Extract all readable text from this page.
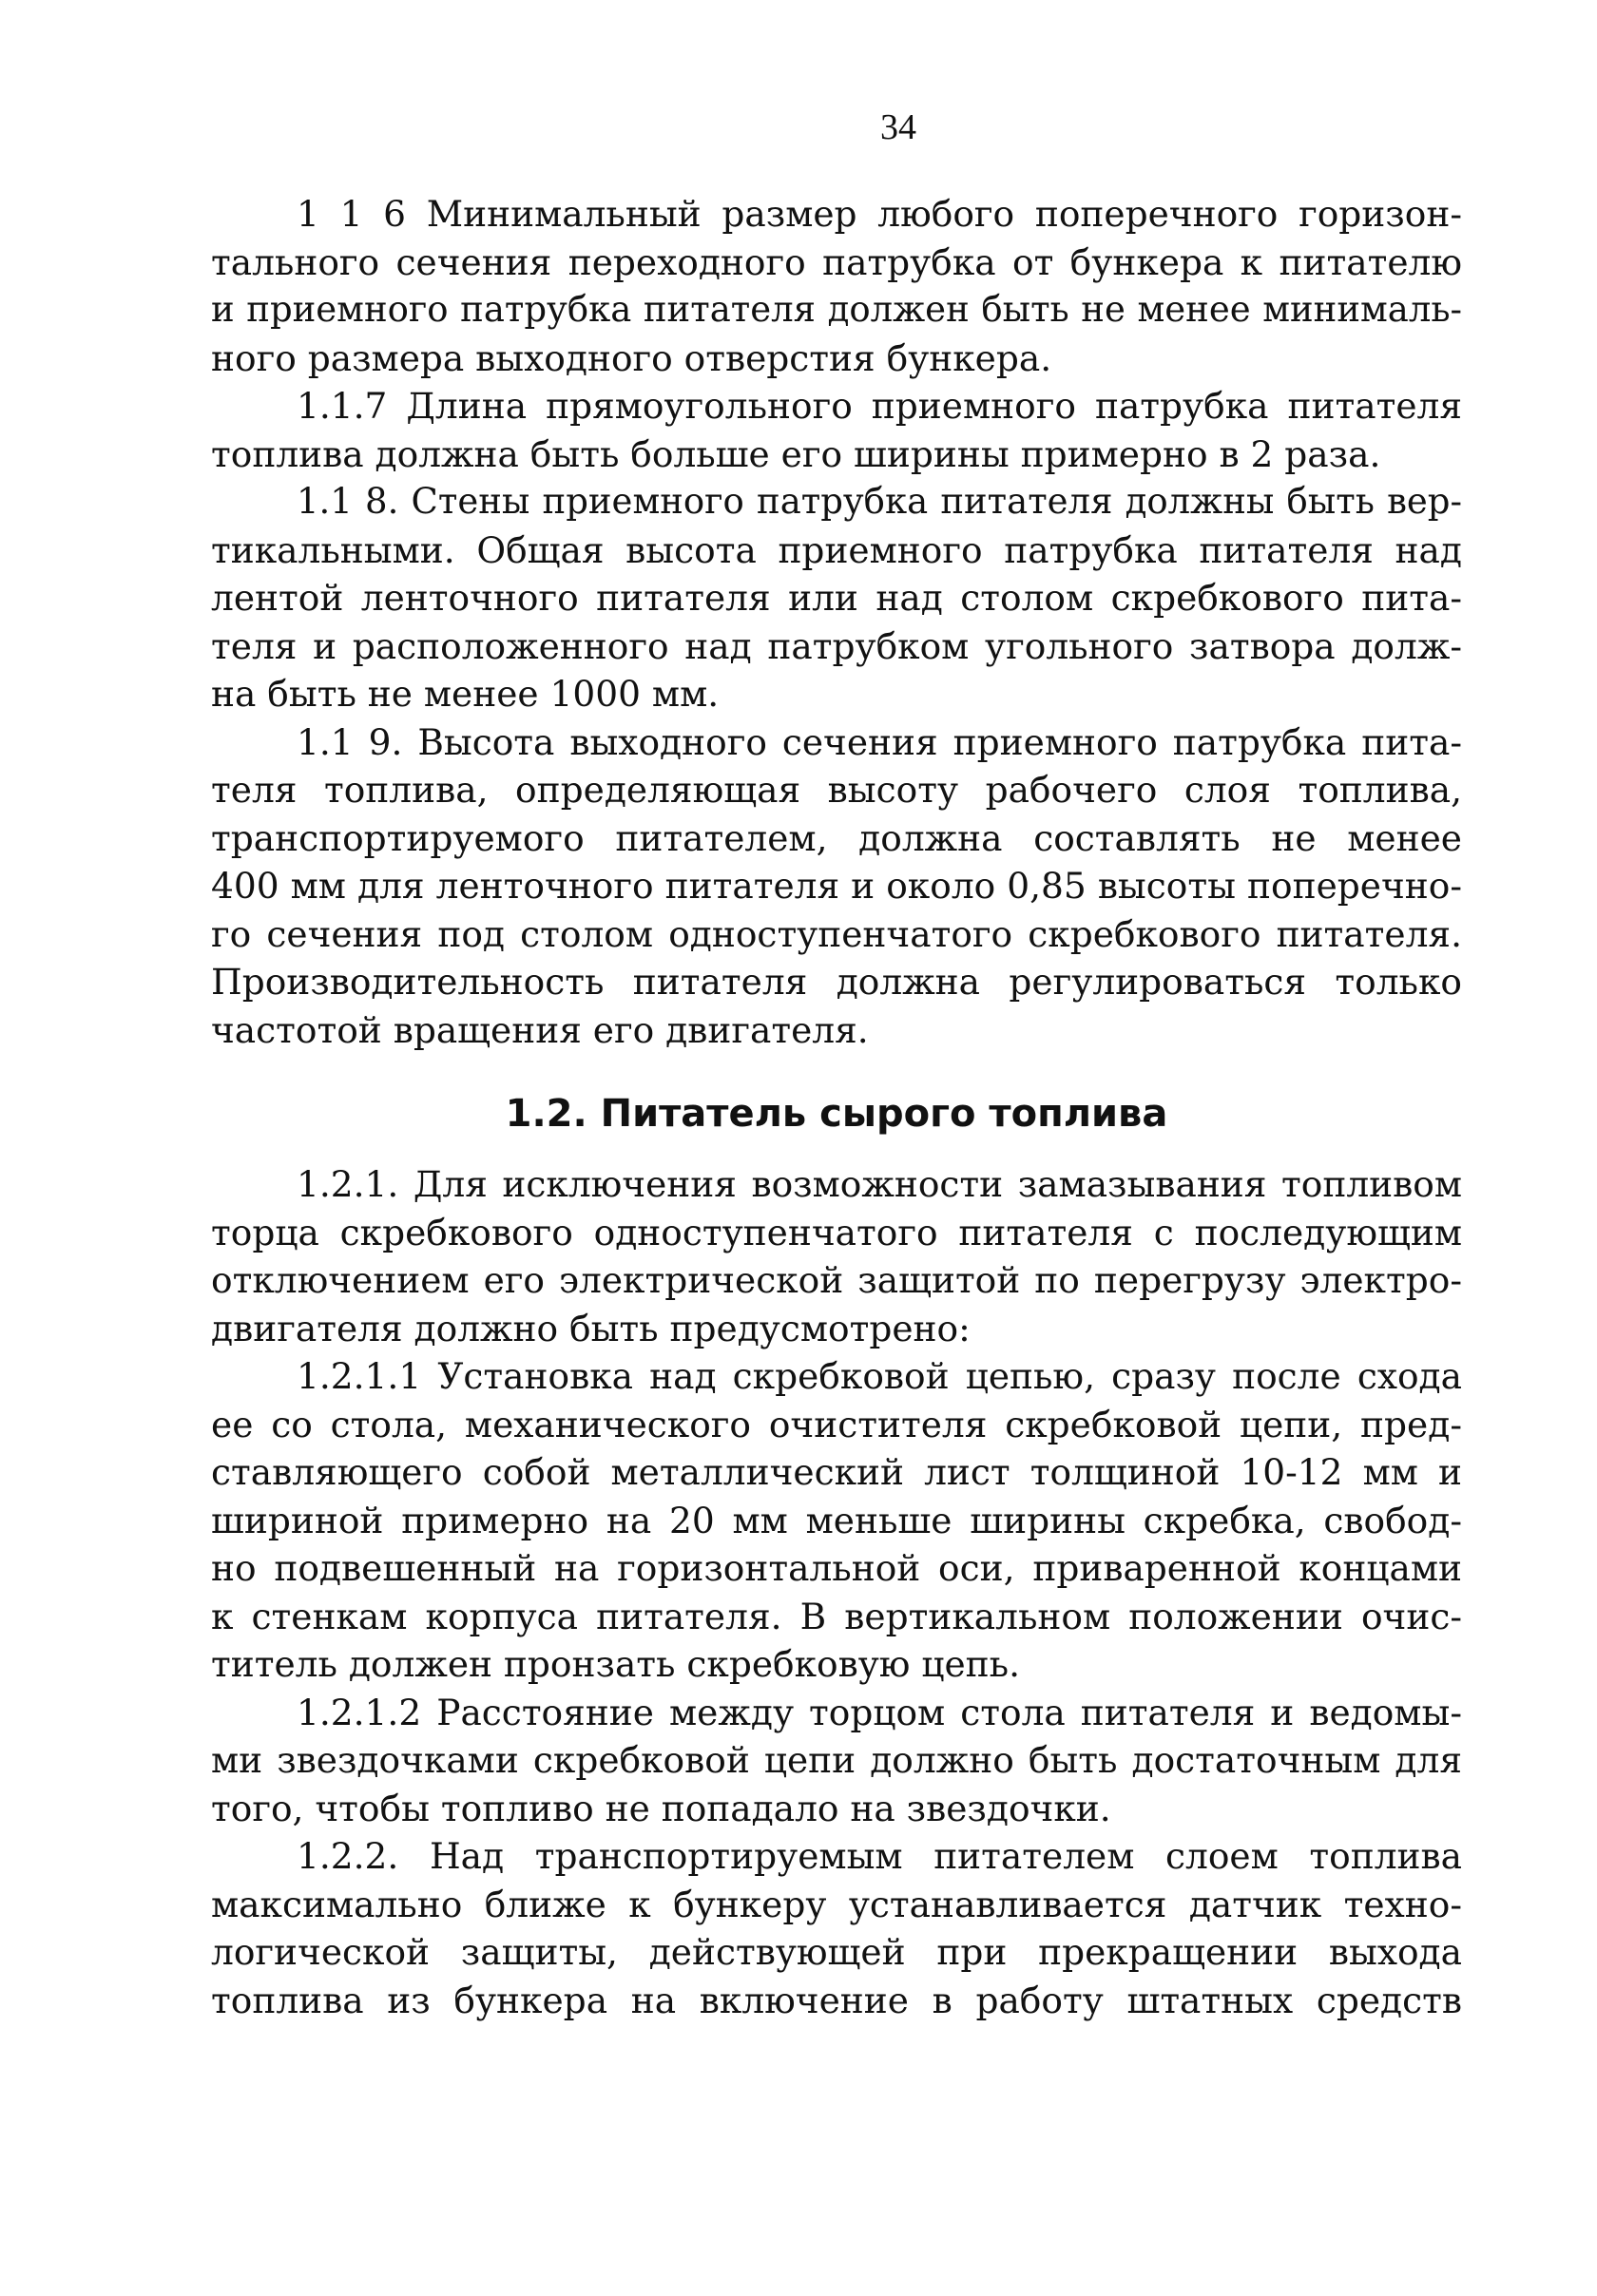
34
1 1 6 Минимальный размер любого поперечного горизон-
тального сечения переходного патрубка от бункера к питателю
и приемного патрубка питателя должен быть не менее минималь-
ного размера выходного отверстия бункера.
1.1.7 Длина прямоугольного приемного патрубка питателя
топлива должна быть больше его ширины примерно в 2 раза.
1.1 8. Стены приемного патрубка питателя должны быть вер-
тикальными. Общая высота приемного патрубка питателя над
лентой ленточного питателя или над столом скребкового пита-
теля и расположенного над патрубком угольного затвора долж-
на быть не менее 1000 мм.
1.1 9. Высота выходного сечения приемного патрубка пита-
теля топлива, определяющая высоту рабочего слоя топлива,
транспортируемого питателем, должна составлять не менее
400 мм для ленточного питателя и около 0,85 высоты поперечно-
го сечения под столом одноступенчатого скребкового питателя.
Производительность питателя должна регулироваться только
частотой вращения его двигателя.
1.2. Питатель сырого топлива
1.2.1. Для исключения возможности замазывания топливом
торца скребкового одноступенчатого питателя с последующим
отключением его электрической защитой по перегрузу электро-
двигателя должно быть предусмотрено:
1.2.1.1 Установка над скребковой цепью, сразу после схода
ее со стола, механического очистителя скребковой цепи, пред-
ставляющего собой металлический лист толщиной 10-12 мм и
шириной примерно на 20 мм меньше ширины скребка, свобод-
но подвешенный на горизонтальной оси, приваренной концами
к стенкам корпуса питателя. В вертикальном положении очис-
титель должен пронзать скребковую цепь.
1.2.1.2 Расстояние между торцом стола питателя и ведомы-
ми звездочками скребковой цепи должно быть достаточным для
того, чтобы топливо не попадало на звездочки.
1.2.2. Над транспортируемым питателем слоем топлива
максимально ближе к бункеру устанавливается датчик техно-
логической защиты, действующей при прекращении выхода
топлива из бункера на включение в работу штатных средств
